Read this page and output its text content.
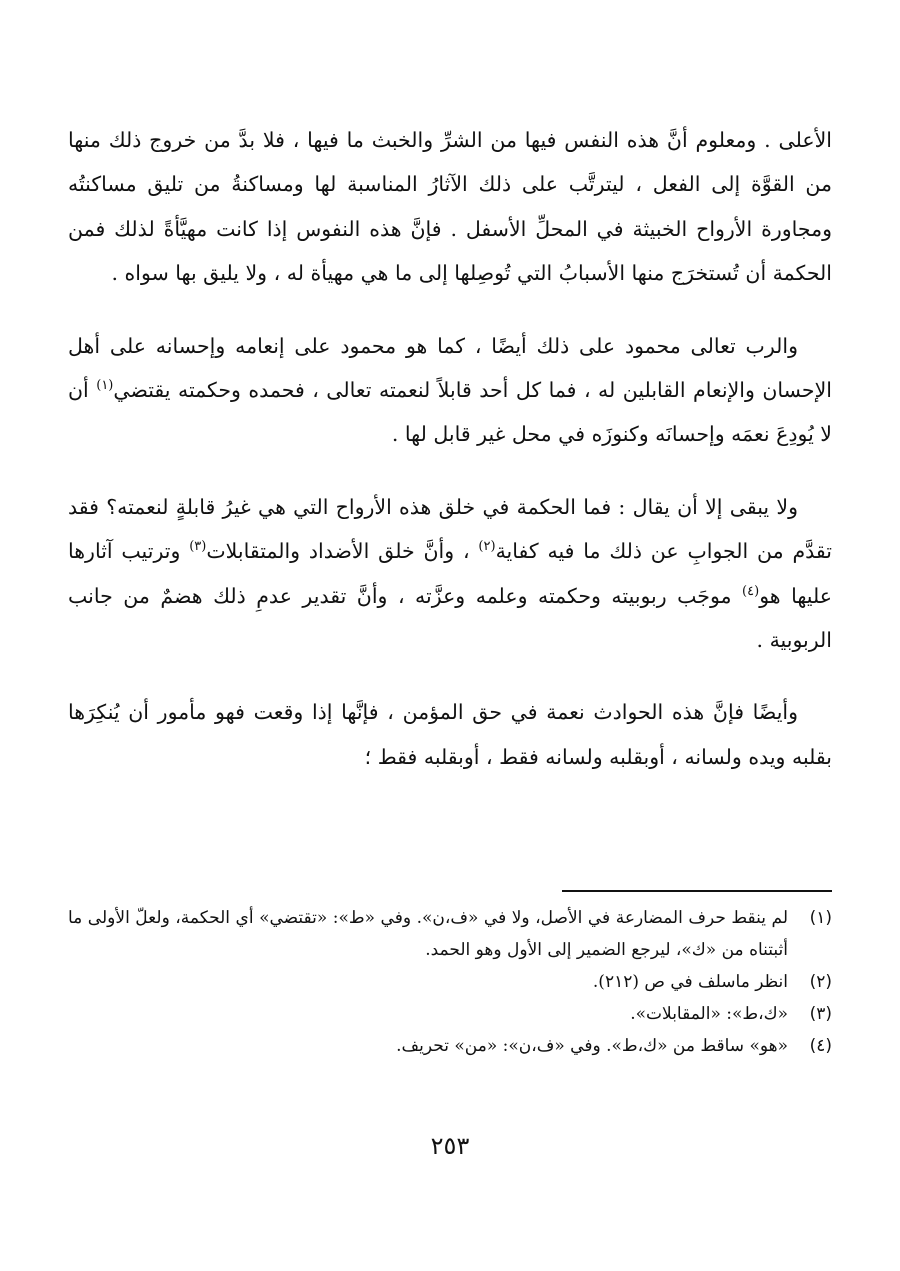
الأعلى . ومعلوم أنَّ هذه النفس فيها من الشرِّ والخبث ما فيها ، فلا بدَّ من خروج ذلك منها من القوَّة إلى الفعل ، ليترتَّب على ذلك الآثارُ المناسبة لها ومساكنةُ من تليق مساكنتُه ومجاورة الأرواح الخبيثة في المحلِّ الأسفل . فإنَّ هذه النفوس إذا كانت مهيَّأةً لذلك فمن الحكمة أن تُستخرَج منها الأسبابُ التي تُوصِلها إلى ما هي مهيأة له ، ولا يليق بها سواه .

والرب تعالى محمود على ذلك أيضًا ، كما هو محمود على إنعامه وإحسانه على أهل الإحسان والإنعام القابلين له ، فما كل أحد قابلاً لنعمته تعالى ، فحمده وحكمته يقتضي$^{(١)}$ أن لا يُودِعَ نعمَه وإحسانَه وكنوزَه في محل غير قابل لها .

ولا يبقى إلا أن يقال : فما الحكمة في خلق هذه الأرواح التي هي غيرُ قابلةٍ لنعمته؟ فقد تقدَّم من الجوابِ عن ذلك ما فيه كفاية$^{(٢)}$ ، وأنَّ خلق الأضداد والمتقابلات$^{(٣)}$ وترتيب آثارها عليها هو$^{(٤)}$ موجَب ربوبيته وحكمته وعلمه وعزَّته ، وأنَّ تقدير عدمِ ذلك هضمٌ من جانب الربوبية .

وأيضًا فإنَّ هذه الحوادث نعمة في حق المؤمن ، فإنَّها إذا وقعت فهو مأمور أن يُنكِرَها بقلبه ويده ولسانه ، أوبقلبه ولسانه فقط ، أوبقلبه فقط ؛

(١)
لم ينقط حرف المضارعة في الأصل، ولا في «ف،ن». وفي «ط»: «تقتضي» أي الحكمة، ولعلّ الأولى ما أثبتناه من «ك»، ليرجع الضمير إلى الأول وهو الحمد.
(٢)
انظر ماسلف في ص (٢١٢).
(٣)
«ك،ط»: «المقابلات».
(٤)
«هو» ساقط من «ك،ط». وفي «ف،ن»: «من» تحريف.
٢٥٣
